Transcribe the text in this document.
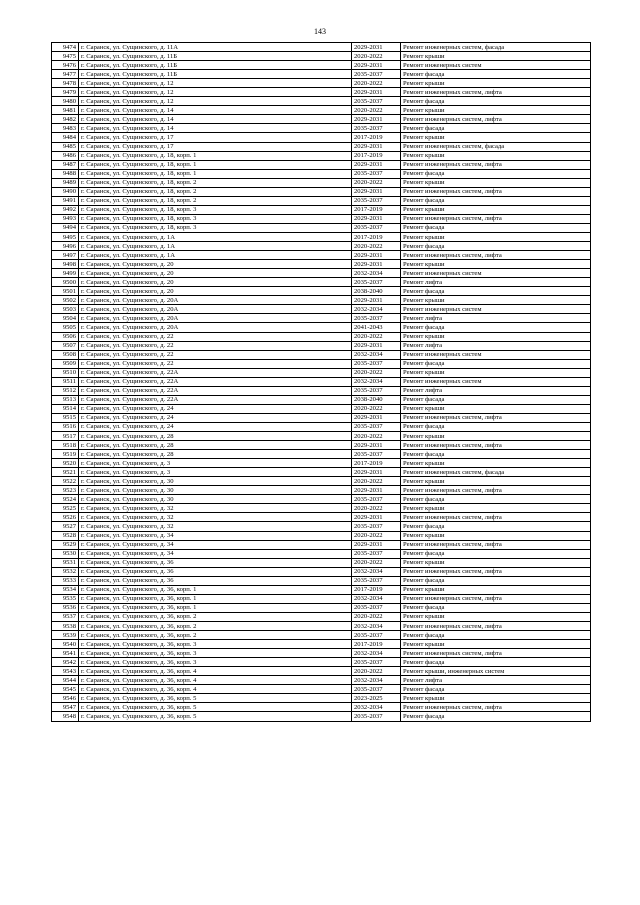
143
9474	г. Саранск, ул. Сущинского, д. 11А	2029-2031	Ремонт инженерных систем, фасада
9475	г. Саранск, ул. Сущинского, д. 11Б	2020-2022	Ремонт крыши
9476	г. Саранск, ул. Сущинского, д. 11Б	2029-2031	Ремонт инженерных систем
9477	г. Саранск, ул. Сущинского, д. 11Б	2035-2037	Ремонт фасада
9478	г. Саранск, ул. Сущинского, д. 12	2020-2022	Ремонт крыши
9479	г. Саранск, ул. Сущинского, д. 12	2029-2031	Ремонт инженерных систем, лифта
9480	г. Саранск, ул. Сущинского, д. 12	2035-2037	Ремонт фасада
9481	г. Саранск, ул. Сущинского, д. 14	2020-2022	Ремонт крыши
9482	г. Саранск, ул. Сущинского, д. 14	2029-2031	Ремонт инженерных систем, лифта
9483	г. Саранск, ул. Сущинского, д. 14	2035-2037	Ремонт фасада
9484	г. Саранск, ул. Сущинского, д. 17	2017-2019	Ремонт крыши
9485	г. Саранск, ул. Сущинского, д. 17	2029-2031	Ремонт инженерных систем, фасада
9486	г. Саранск, ул. Сущинского, д. 18, корп. 1	2017-2019	Ремонт крыши
9487	г. Саранск, ул. Сущинского, д. 18, корп. 1	2029-2031	Ремонт инженерных систем, лифта
9488	г. Саранск, ул. Сущинского, д. 18, корп. 1	2035-2037	Ремонт фасада
9489	г. Саранск, ул. Сущинского, д. 18, корп. 2	2020-2022	Ремонт крыши
9490	г. Саранск, ул. Сущинского, д. 18, корп. 2	2029-2031	Ремонт инженерных систем, лифта
9491	г. Саранск, ул. Сущинского, д. 18, корп. 2	2035-2037	Ремонт фасада
9492	г. Саранск, ул. Сущинского, д. 18, корп. 3	2017-2019	Ремонт крыши
9493	г. Саранск, ул. Сущинского, д. 18, корп. 3	2029-2031	Ремонт инженерных систем, лифта
9494	г. Саранск, ул. Сущинского, д. 18, корп. 3	2035-2037	Ремонт фасада
9495	г. Саранск, ул. Сущинского, д. 1А	2017-2019	Ремонт крыши
9496	г. Саранск, ул. Сущинского, д. 1А	2020-2022	Ремонт фасада
9497	г. Саранск, ул. Сущинского, д. 1А	2029-2031	Ремонт инженерных систем, лифта
9498	г. Саранск, ул. Сущинского, д. 20	2029-2031	Ремонт крыши
9499	г. Саранск, ул. Сущинского, д. 20	2032-2034	Ремонт инженерных систем
9500	г. Саранск, ул. Сущинского, д. 20	2035-2037	Ремонт лифта
9501	г. Саранск, ул. Сущинского, д. 20	2038-2040	Ремонт фасада
9502	г. Саранск, ул. Сущинского, д. 20А	2029-2031	Ремонт крыши
9503	г. Саранск, ул. Сущинского, д. 20А	2032-2034	Ремонт инженерных систем
9504	г. Саранск, ул. Сущинского, д. 20А	2035-2037	Ремонт лифта
9505	г. Саранск, ул. Сущинского, д. 20А	2041-2043	Ремонт фасада
9506	г. Саранск, ул. Сущинского, д. 22	2020-2022	Ремонт крыши
9507	г. Саранск, ул. Сущинского, д. 22	2029-2031	Ремонт лифта
9508	г. Саранск, ул. Сущинского, д. 22	2032-2034	Ремонт инженерных систем
9509	г. Саранск, ул. Сущинского, д. 22	2035-2037	Ремонт фасада
9510	г. Саранск, ул. Сущинского, д. 22А	2020-2022	Ремонт крыши
9511	г. Саранск, ул. Сущинского, д. 22А	2032-2034	Ремонт инженерных систем
9512	г. Саранск, ул. Сущинского, д. 22А	2035-2037	Ремонт лифта
9513	г. Саранск, ул. Сущинского, д. 22А	2038-2040	Ремонт фасада
9514	г. Саранск, ул. Сущинского, д. 24	2020-2022	Ремонт крыши
9515	г. Саранск, ул. Сущинского, д. 24	2029-2031	Ремонт инженерных систем, лифта
9516	г. Саранск, ул. Сущинского, д. 24	2035-2037	Ремонт фасада
9517	г. Саранск, ул. Сущинского, д. 28	2020-2022	Ремонт крыши
9518	г. Саранск, ул. Сущинского, д. 28	2029-2031	Ремонт инженерных систем, лифта
9519	г. Саранск, ул. Сущинского, д. 28	2035-2037	Ремонт фасада
9520	г. Саранск, ул. Сущинского, д. 3	2017-2019	Ремонт крыши
9521	г. Саранск, ул. Сущинского, д. 3	2029-2031	Ремонт инженерных систем, фасада
9522	г. Саранск, ул. Сущинского, д. 30	2020-2022	Ремонт крыши
9523	г. Саранск, ул. Сущинского, д. 30	2029-2031	Ремонт инженерных систем, лифта
9524	г. Саранск, ул. Сущинского, д. 30	2035-2037	Ремонт фасада
9525	г. Саранск, ул. Сущинского, д. 32	2020-2022	Ремонт крыши
9526	г. Саранск, ул. Сущинского, д. 32	2029-2031	Ремонт инженерных систем, лифта
9527	г. Саранск, ул. Сущинского, д. 32	2035-2037	Ремонт фасада
9528	г. Саранск, ул. Сущинского, д. 34	2020-2022	Ремонт крыши
9529	г. Саранск, ул. Сущинского, д. 34	2029-2031	Ремонт инженерных систем, лифта
9530	г. Саранск, ул. Сущинского, д. 34	2035-2037	Ремонт фасада
9531	г. Саранск, ул. Сущинского, д. 36	2020-2022	Ремонт крыши
9532	г. Саранск, ул. Сущинского, д. 36	2032-2034	Ремонт инженерных систем, лифта
9533	г. Саранск, ул. Сущинского, д. 36	2035-2037	Ремонт фасада
9534	г. Саранск, ул. Сущинского, д. 36, корп. 1	2017-2019	Ремонт крыши
9535	г. Саранск, ул. Сущинского, д. 36, корп. 1	2032-2034	Ремонт инженерных систем, лифта
9536	г. Саранск, ул. Сущинского, д. 36, корп. 1	2035-2037	Ремонт фасада
9537	г. Саранск, ул. Сущинского, д. 36, корп. 2	2020-2022	Ремонт крыши
9538	г. Саранск, ул. Сущинского, д. 36, корп. 2	2032-2034	Ремонт инженерных систем, лифта
9539	г. Саранск, ул. Сущинского, д. 36, корп. 2	2035-2037	Ремонт фасада
9540	г. Саранск, ул. Сущинского, д. 36, корп. 3	2017-2019	Ремонт крыши
9541	г. Саранск, ул. Сущинского, д. 36, корп. 3	2032-2034	Ремонт инженерных систем, лифта
9542	г. Саранск, ул. Сущинского, д. 36, корп. 3	2035-2037	Ремонт фасада
9543	г. Саранск, ул. Сущинского, д. 36, корп. 4	2020-2022	Ремонт крыши, инженерных систем
9544	г. Саранск, ул. Сущинского, д. 36, корп. 4	2032-2034	Ремонт лифта
9545	г. Саранск, ул. Сущинского, д. 36, корп. 4	2035-2037	Ремонт фасада
9546	г. Саранск, ул. Сущинского, д. 36, корп. 5	2023-2025	Ремонт крыши
9547	г. Саранск, ул. Сущинского, д. 36, корп. 5	2032-2034	Ремонт инженерных систем, лифта
9548	г. Саранск, ул. Сущинского, д. 36, корп. 5	2035-2037	Ремонт фасада
